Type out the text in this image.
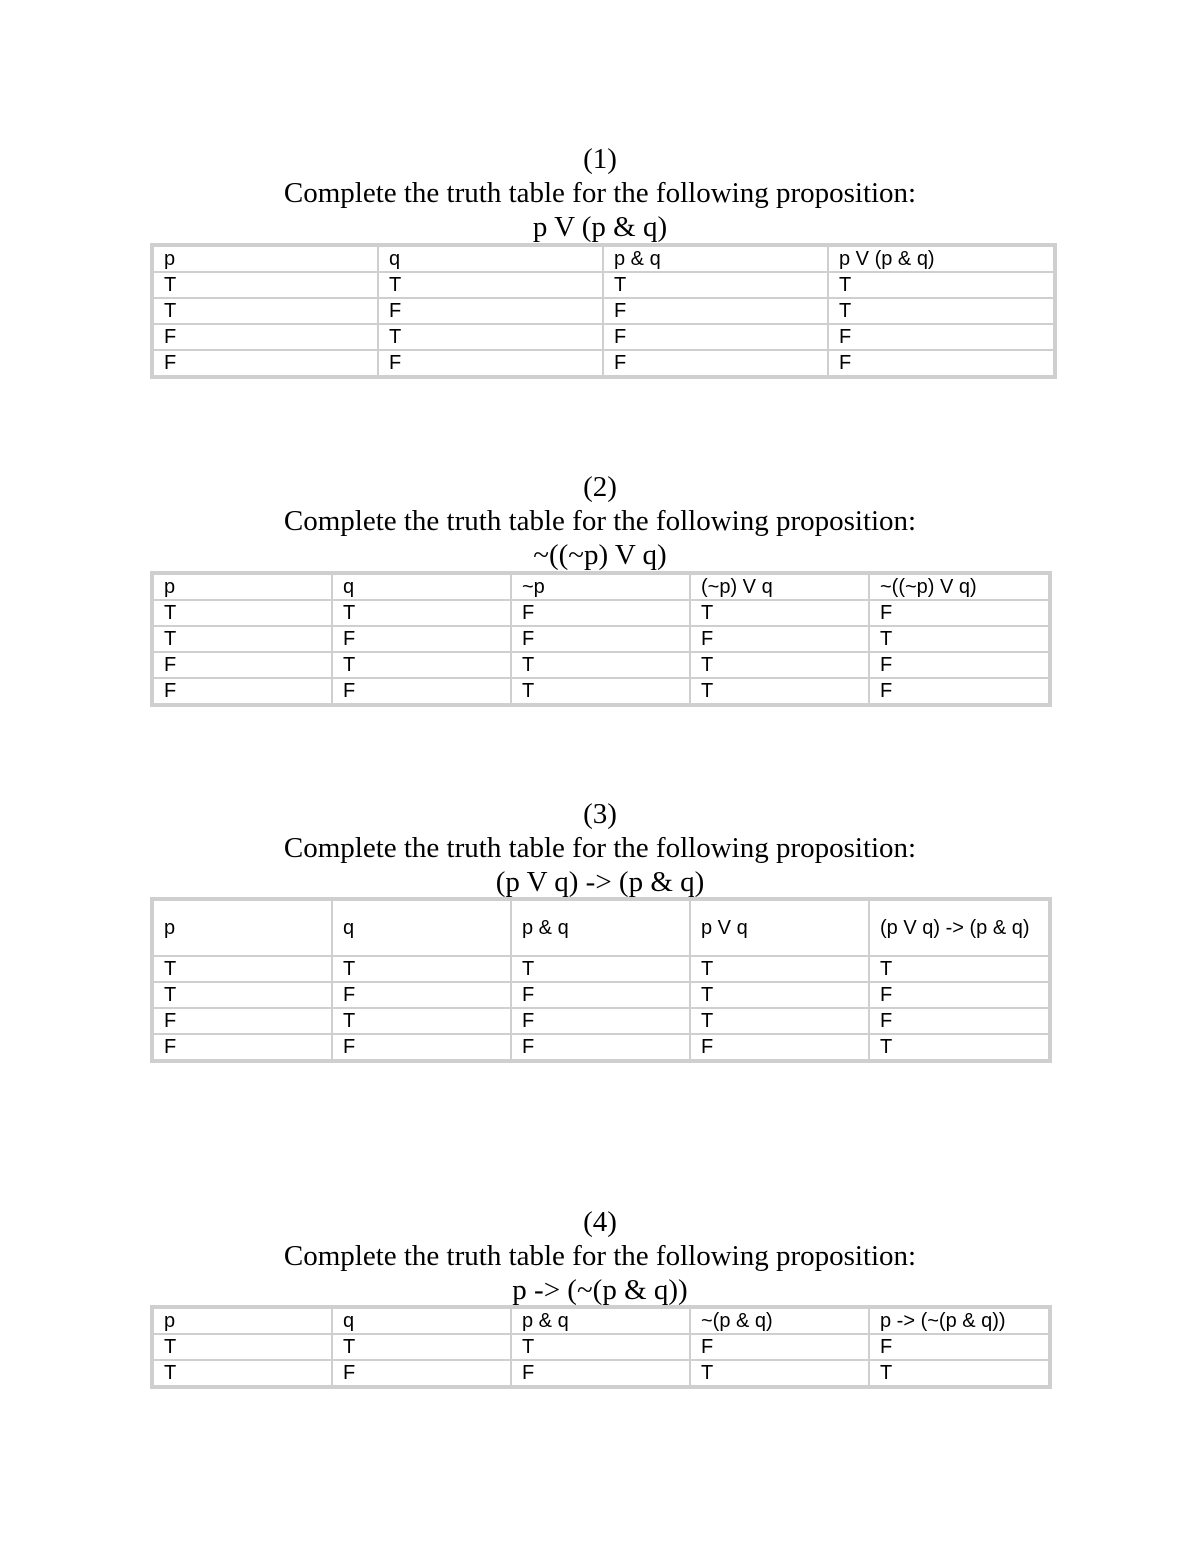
(1)

Complete the truth table for the following proposition:

p V (p & q)

p	q	p & q	p V (p & q)
T	T	T	T
T	F	F	T
F	T	F	F
F	F	F	F

(2)

Complete the truth table for the following proposition:

~((~p) V q)

p	q	~p	(~p) V q	~((~p) V q)
T	T	F	T	F
T	F	F	F	T
F	T	T	T	F
F	F	T	T	F

(3)

Complete the truth table for the following proposition:

(p V q) -> (p & q)

p	q	p & q	p V q	(p V q) -> (p & q)
T	T	T	T	T
T	F	F	T	F
F	T	F	T	F
F	F	F	F	T

(4)

Complete the truth table for the following proposition:

p -> (~(p & q))

p	q	p & q	~(p & q)	p -> (~(p & q))
T	T	T	F	F
T	F	F	T	T
